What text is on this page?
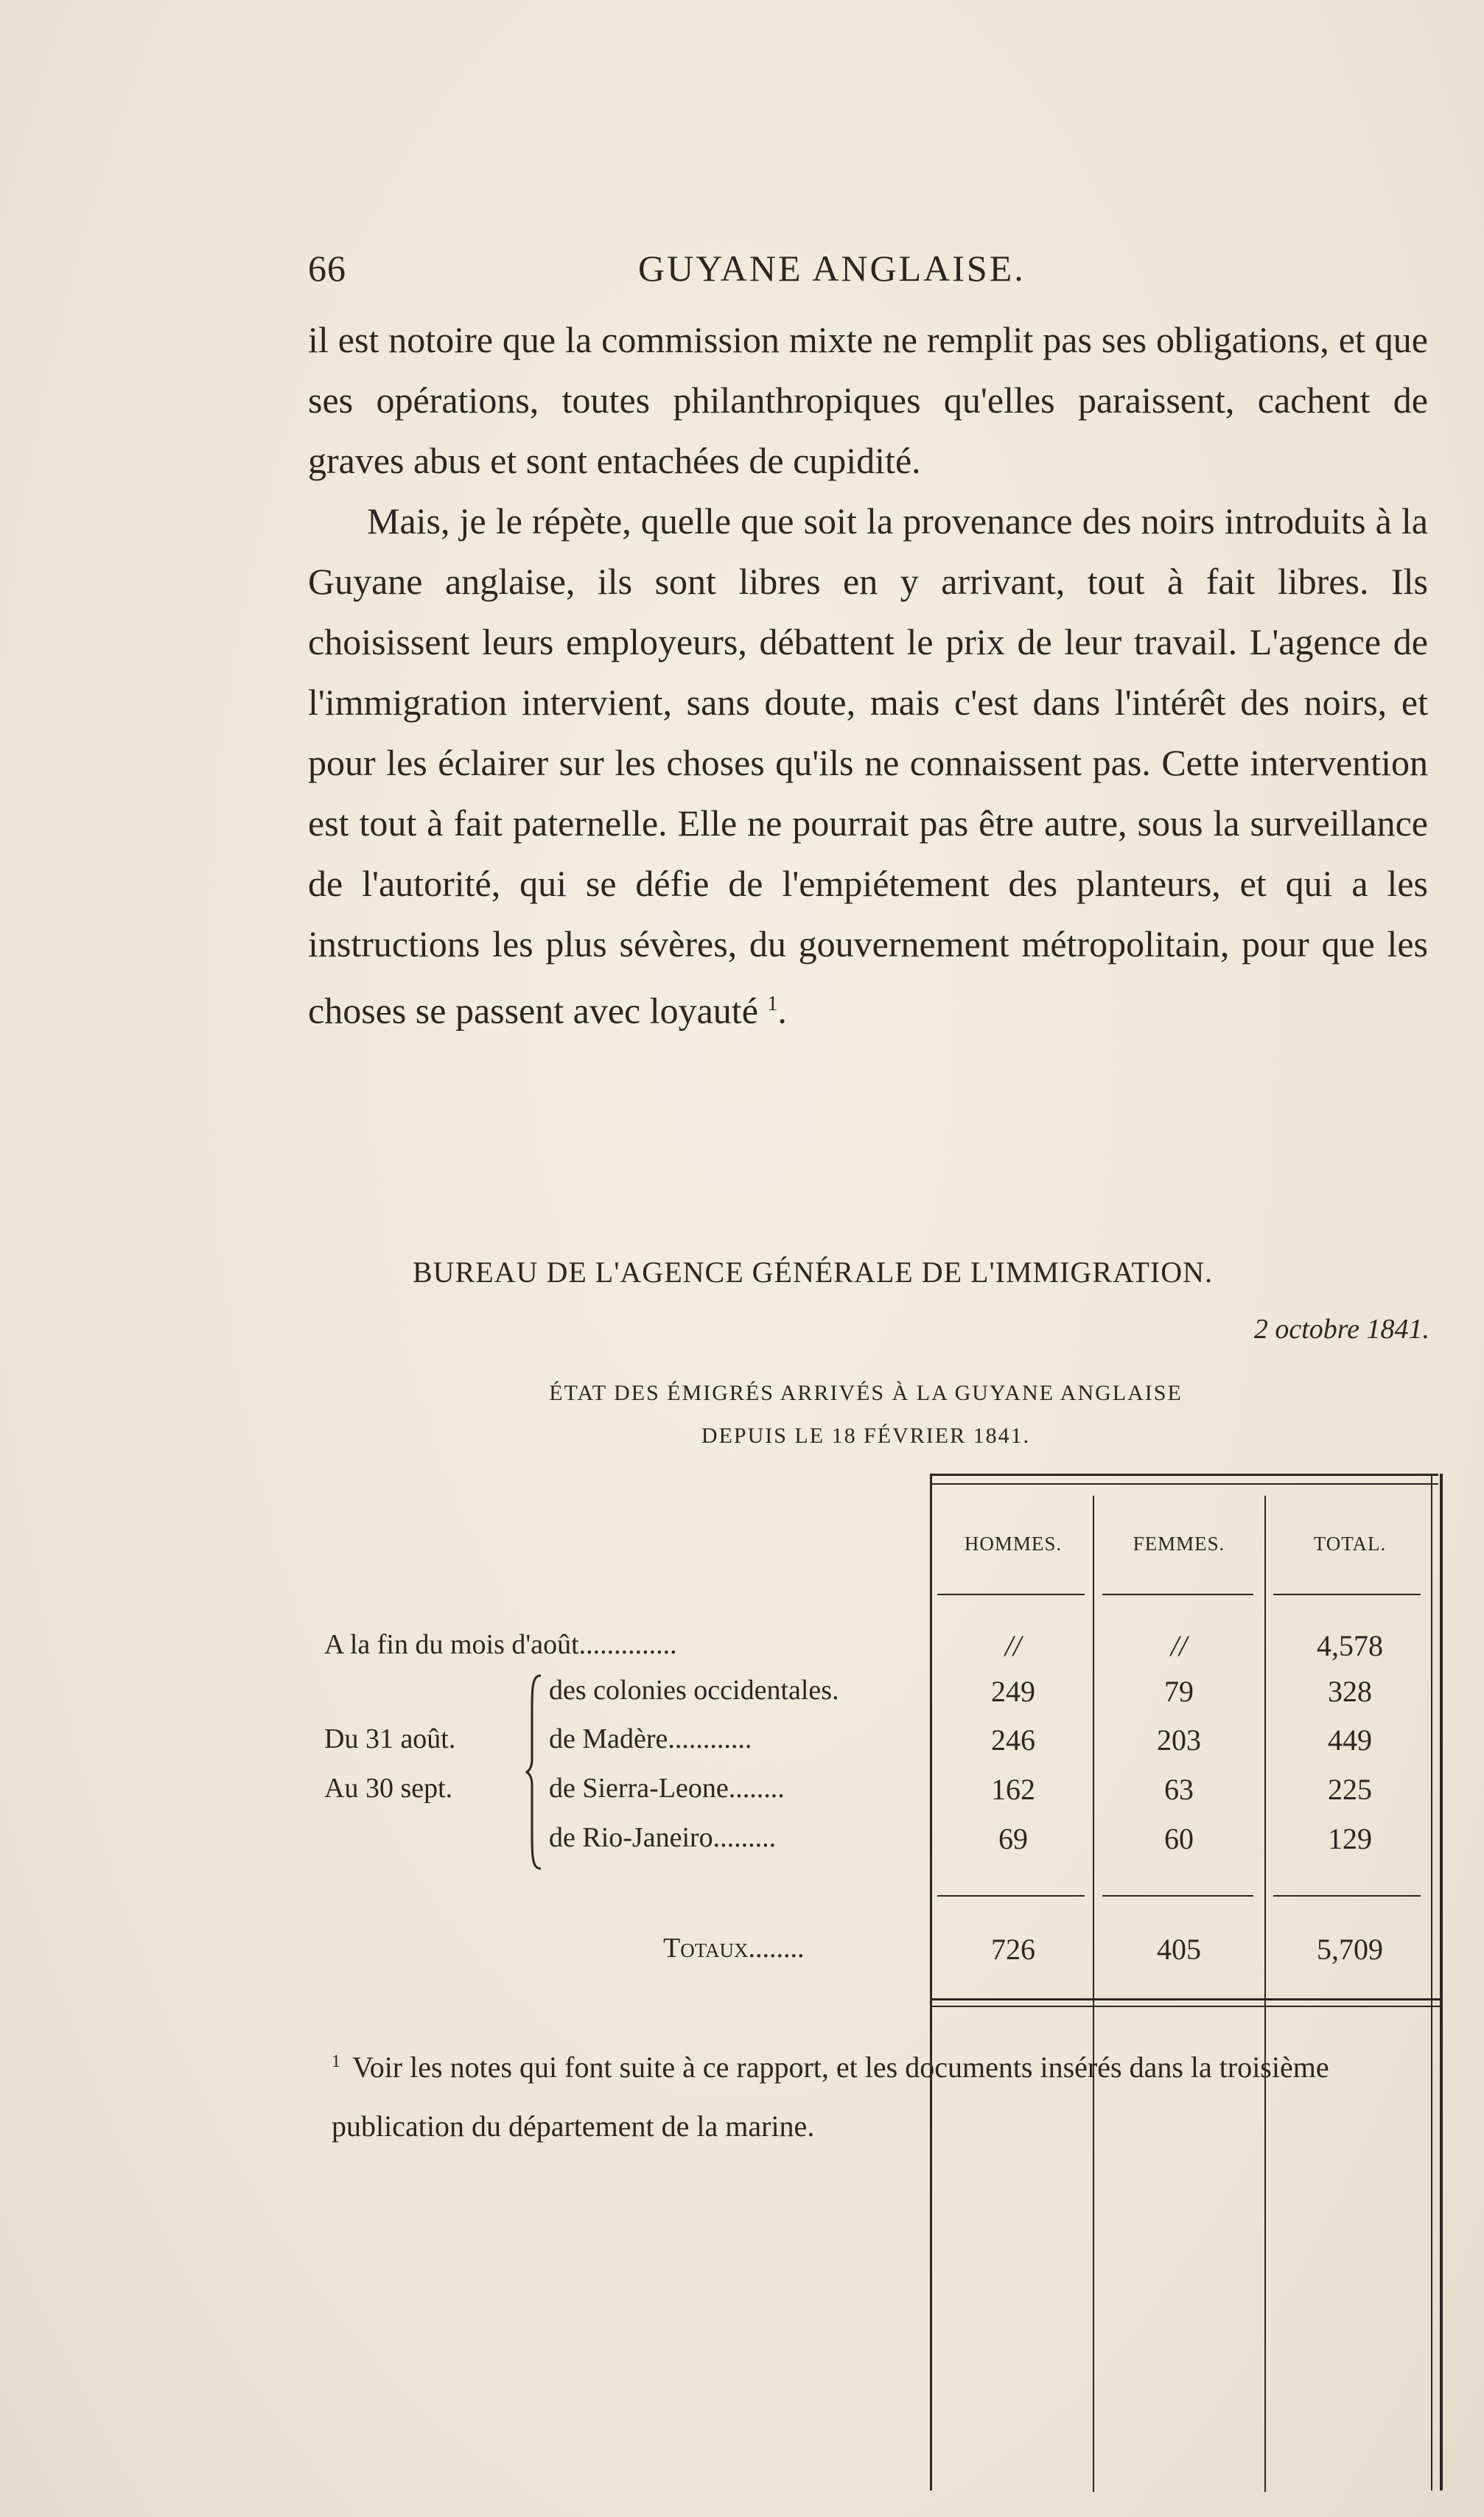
66	GUYANE ANGLAISE.

il est notoire que la commission mixte ne remplit pas ses obligations, et que ses opérations, toutes philanthropiques qu'elles paraissent, cachent de graves abus et sont entachées de cupidité.

Mais, je le répète, quelle que soit la provenance des noirs introduits à la Guyane anglaise, ils sont libres en y arrivant, tout à fait libres. Ils choisissent leurs employeurs, débattent le prix de leur travail. L'agence de l'immigration intervient, sans doute, mais c'est dans l'intérêt des noirs, et pour les éclairer sur les choses qu'ils ne connaissent pas. Cette intervention est tout à fait paternelle. Elle ne pourrait pas être autre, sous la surveillance de l'autorité, qui se défie de l'empiétement des planteurs, et qui a les instructions les plus sévères, du gouvernement métropolitain, pour que les choses se passent avec loyauté $^1$.

BUREAU DE L'AGENCE GÉNÉRALE DE L'IMMIGRATION.
2 octobre 1841.
ÉTAT DES ÉMIGRÉS ARRIVÉS À LA GUYANE ANGLAISE
DEPUIS LE 18 FÉVRIER 1841.
HOMMES.	FEMMES.	TOTAL.
A la fin du mois d'août..............	//	//	4,578
Du 31 août.
Au 30 sept.
des colonies occidentales.	249	79	328
de Madère............	246	203	449
de Sierra-Leone........	162	63	225
de Rio-Janeiro.........	69	60	129
Totaux........	726	405	5,709
$^1$ Voir les notes qui font suite à ce rapport, et les documents insérés dans la troisième publication du département de la marine.
